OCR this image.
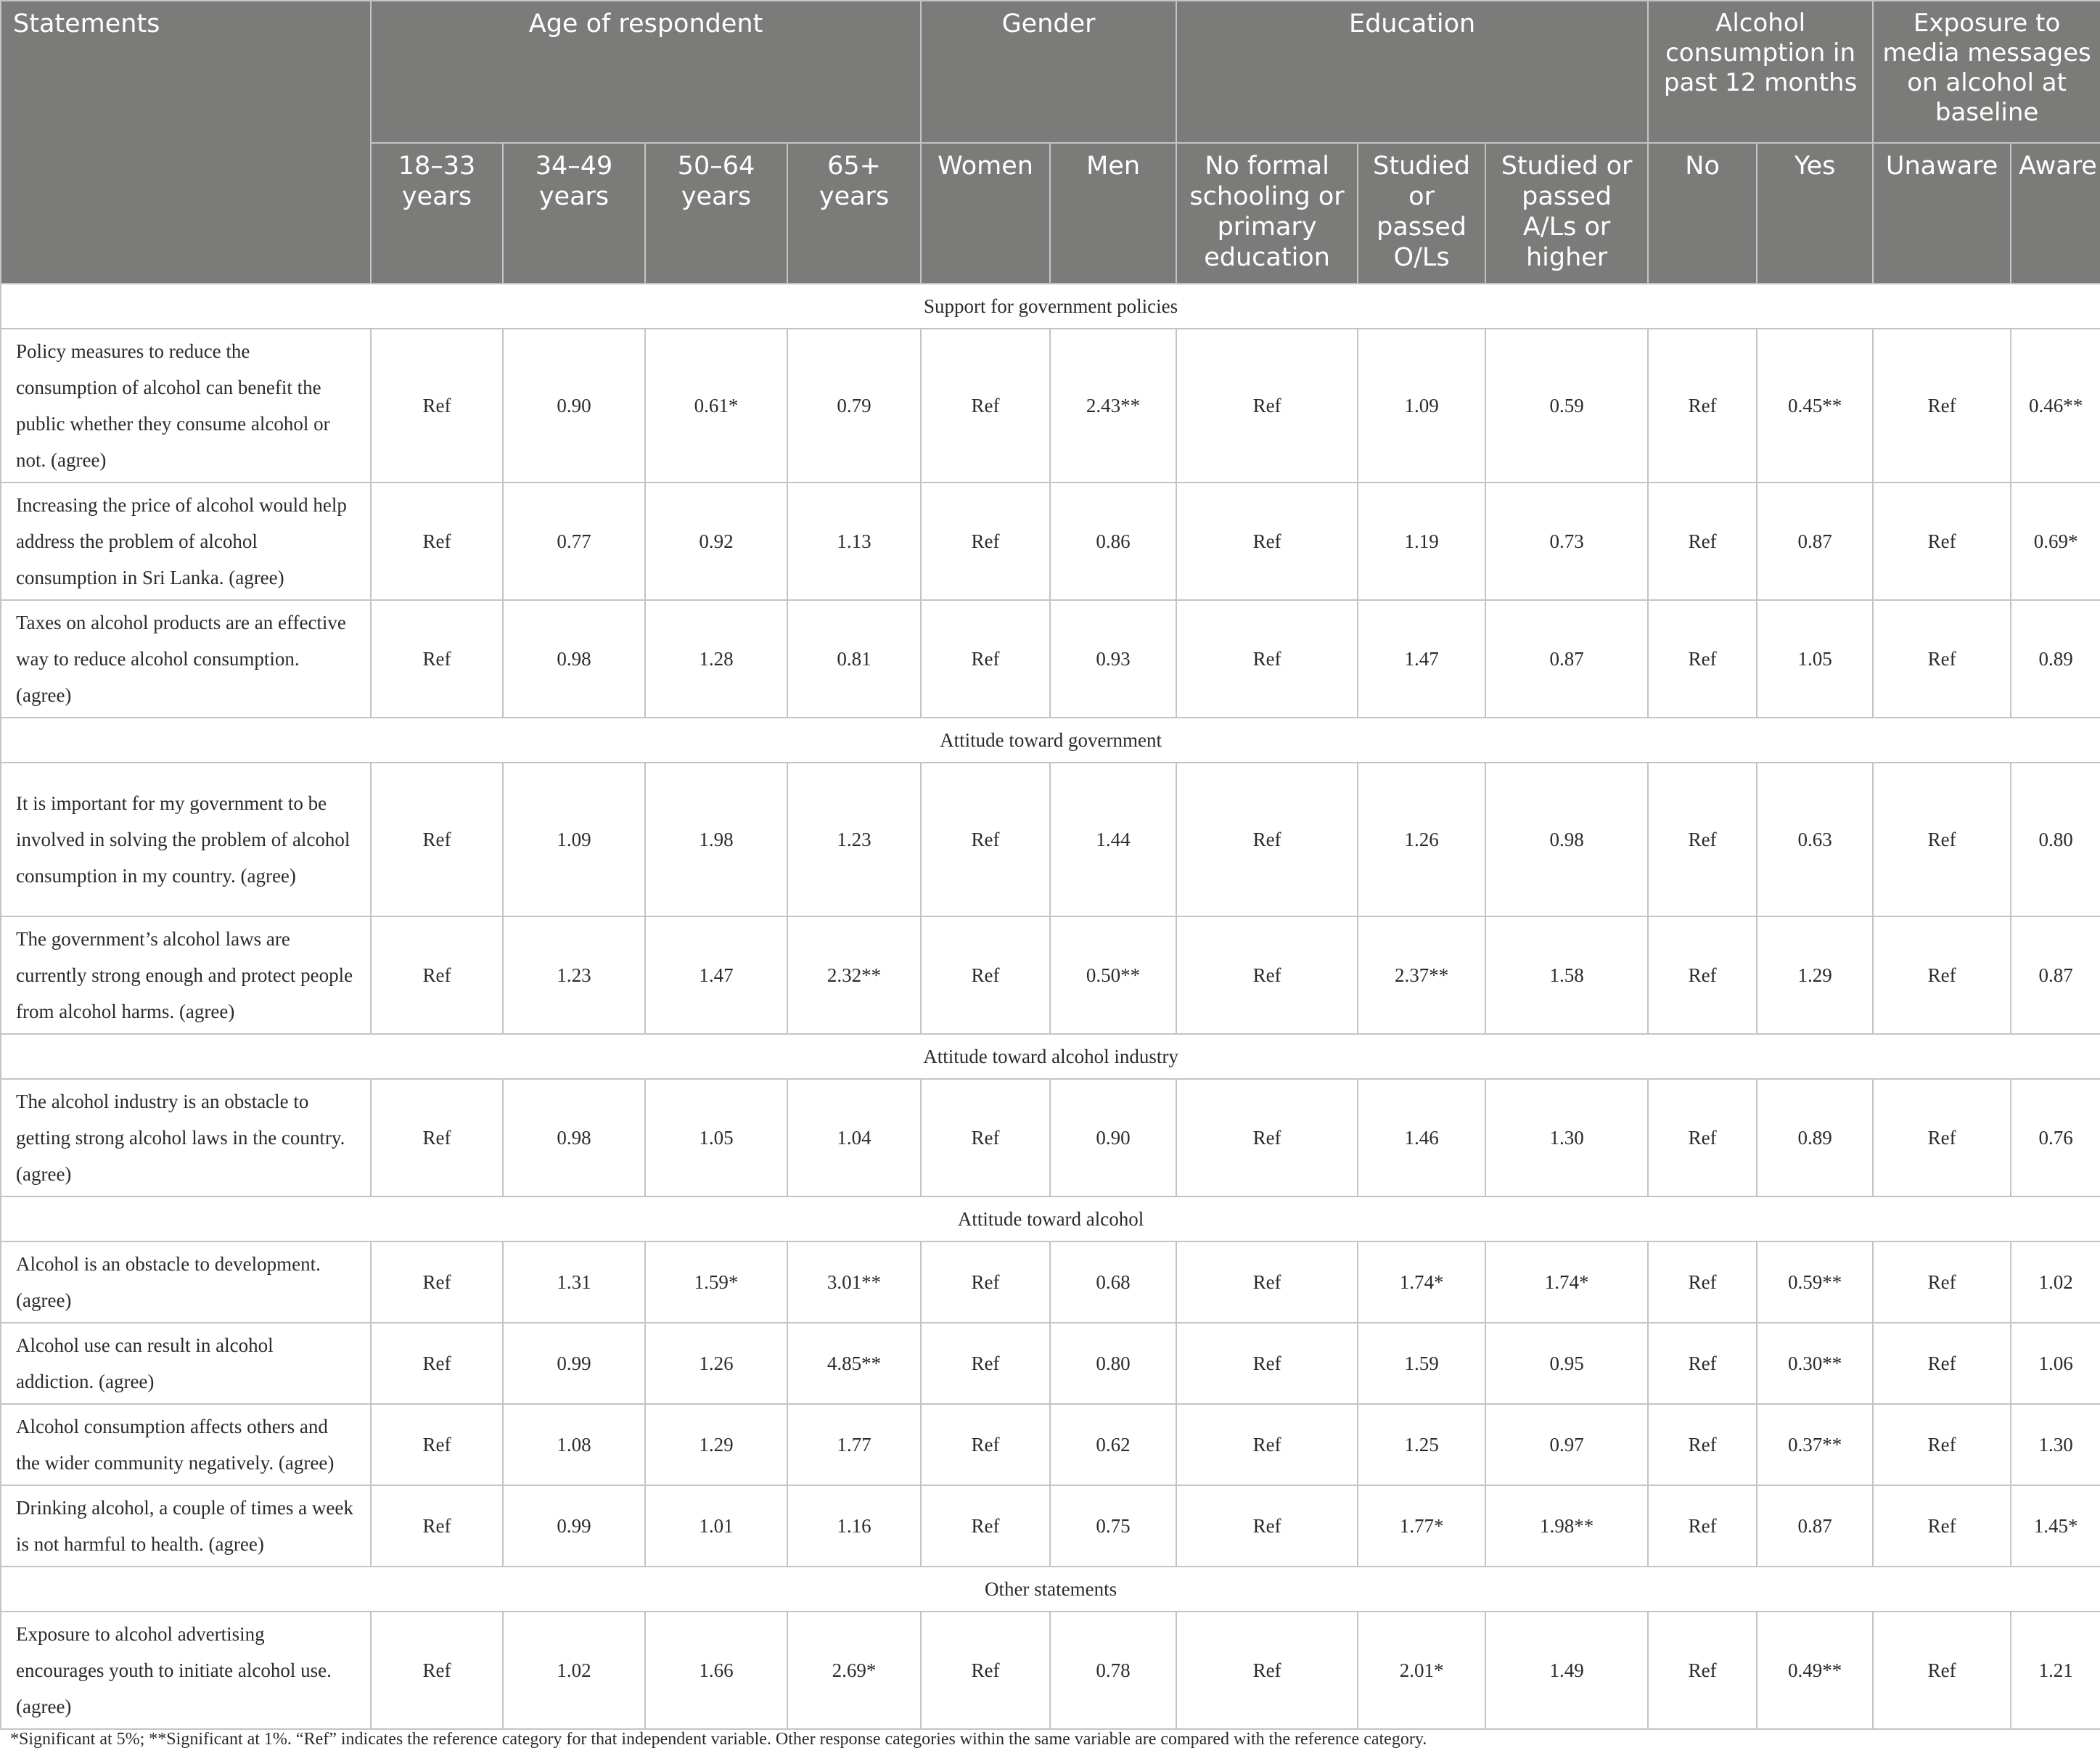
Statements	Age of respondent				Gender		Education			Alcohol consumption in past 12 months		Exposure to media messages on alcohol at baseline	
	18–33 years	34–49 years	50–64 years	65+ years	Women	Men	No formal schooling or primary education	Studied or passed O/Ls	Studied or passed A/Ls or higher	No	Yes	Unaware	Aware
Support for government policies													
Policy measures to reduce the consumption of alcohol can benefit the public whether they consume alcohol or not. (agree)	Ref	0.90	0.61*	0.79	Ref	2.43**	Ref	1.09	0.59	Ref	0.45**	Ref	0.46**
Increasing the price of alcohol would help address the problem of alcohol consumption in Sri Lanka. (agree)	Ref	0.77	0.92	1.13	Ref	0.86	Ref	1.19	0.73	Ref	0.87	Ref	0.69*
Taxes on alcohol products are an effective way to reduce alcohol consumption. (agree)	Ref	0.98	1.28	0.81	Ref	0.93	Ref	1.47	0.87	Ref	1.05	Ref	0.89
Attitude toward government													
It is important for my government to be involved in solving the problem of alcohol consumption in my country. (agree)	Ref	1.09	1.98	1.23	Ref	1.44	Ref	1.26	0.98	Ref	0.63	Ref	0.80
The government’s alcohol laws are currently strong enough and protect people from alcohol harms. (agree)	Ref	1.23	1.47	2.32**	Ref	0.50**	Ref	2.37**	1.58	Ref	1.29	Ref	0.87
Attitude toward alcohol industry													
The alcohol industry is an obstacle to getting strong alcohol laws in the country. (agree)	Ref	0.98	1.05	1.04	Ref	0.90	Ref	1.46	1.30	Ref	0.89	Ref	0.76
Attitude toward alcohol													
Alcohol is an obstacle to development. (agree)	Ref	1.31	1.59*	3.01**	Ref	0.68	Ref	1.74*	1.74*	Ref	0.59**	Ref	1.02
Alcohol use can result in alcohol addiction. (agree)	Ref	0.99	1.26	4.85**	Ref	0.80	Ref	1.59	0.95	Ref	0.30**	Ref	1.06
Alcohol consumption affects others and the wider community negatively. (agree)	Ref	1.08	1.29	1.77	Ref	0.62	Ref	1.25	0.97	Ref	0.37**	Ref	1.30
Drinking alcohol, a couple of times a week is not harmful to health. (agree)	Ref	0.99	1.01	1.16	Ref	0.75	Ref	1.77*	1.98**	Ref	0.87	Ref	1.45*
Other statements													
Exposure to alcohol advertising encourages youth to initiate alcohol use. (agree)	Ref	1.02	1.66	2.69*	Ref	0.78	Ref	2.01*	1.49	Ref	0.49**	Ref	1.21
*Significant at 5%; **Significant at 1%. “Ref” indicates the reference category for that independent variable. Other response categories within the same variable are compared with the reference category.
